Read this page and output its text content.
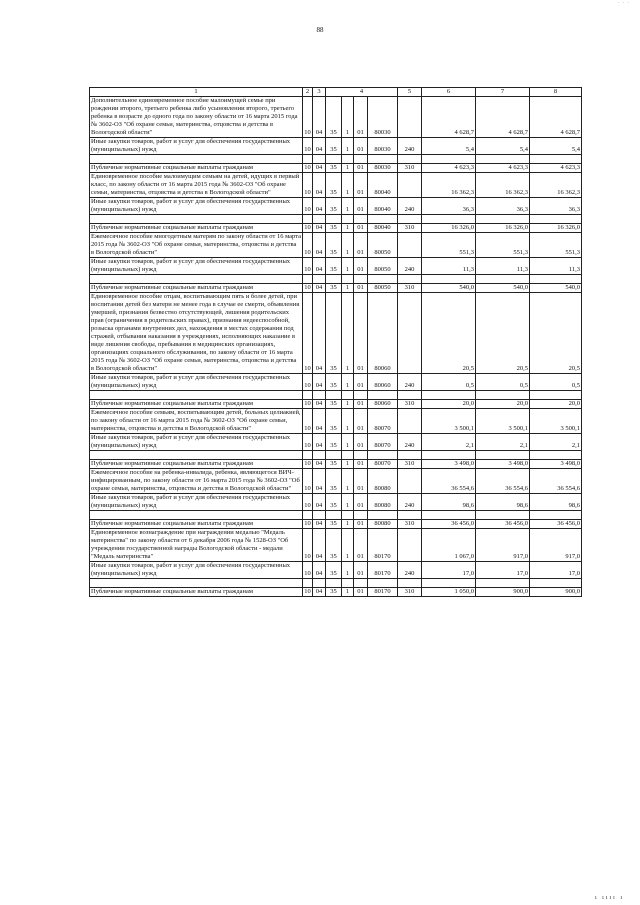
· · ·
88
1	2	3	4				5	6	7	8
Дополнительное единовременное пособие малоимущей семье при рождении второго, третьего ребенка либо усыновлении второго, третьего ребенка в возрасте до одного года по закону области от 16 марта 2015 года № 3602-ОЗ "Об охране семьи, материнства, отцовства и детства в Вологодской области"	10	04	35	1	01	80030		4 628,7	4 628,7	4 628,7
Иные закупки товаров, работ и услуг для обеспечения государственных (муниципальных) нужд	10	04	35	1	01	80030	240	5,4	5,4	5,4

Публичные нормативные социальные выплаты гражданам	10	04	35	1	01	80030	310	4 623,3	4 623,3	4 623,3
Единовременное пособие малоимущим семьям на детей, идущих в первый класс, по закону области от 16 марта 2015 года № 3602-ОЗ "Об охране семьи, материнства, отцовства и детства в Вологодской области"	10	04	35	1	01	80040		16 362,3	16 362,3	16 362,3
Иные закупки товаров, работ и услуг для обеспечения государственных (муниципальных) нужд	10	04	35	1	01	80040	240	36,3	36,3	36,3

Публичные нормативные социальные выплаты гражданам	10	04	35	1	01	80040	310	16 326,0	16 326,0	16 326,0
Ежемесячное пособие многодетным матерям по закону области от 16 марта 2015 года № 3602-ОЗ "Об охране семьи, материнства, отцовства и детства в Вологодской области"	10	04	35	1	01	80050		551,3	551,3	551,3
Иные закупки товаров, работ и услуг для обеспечения государственных (муниципальных) нужд	10	04	35	1	01	80050	240	11,3	11,3	11,3

Публичные нормативные социальные выплаты гражданам	10	04	35	1	01	80050	310	540,0	540,0	540,0
Единовременное пособие отцам, воспитывающим пять и более детей, при воспитании детей без матери не менее года в случае ее смерти, объявления умершей, признания безвестно отсутствующей, лишения родительских прав (ограничения в родительских правах), признания недееспособной, розыска органами внутренних дел, нахождения в местах содержания под стражей, отбывания наказания в учреждениях, исполняющих наказание в виде лишения свободы, пребывания в медицинских организациях, организациях социального обслуживания, по закону области от 16 марта 2015 года № 3602-ОЗ "Об охране семьи, материнства, отцовства и детства в Вологодской области"	10	04	35	1	01	80060		20,5	20,5	20,5
Иные закупки товаров, работ и услуг для обеспечения государственных (муниципальных) нужд	10	04	35	1	01	80060	240	0,5	0,5	0,5

Публичные нормативные социальные выплаты гражданам	10	04	35	1	01	80060	310	20,0	20,0	20,0
Ежемесячное пособие семьям, воспитывающим детей, больных целиакией, по закону области от 16 марта 2015 года № 3602-ОЗ "Об охране семьи, материнства, отцовства и детства в Вологодской области"	10	04	35	1	01	80070		3 500,1	3 500,1	3 500,1
Иные закупки товаров, работ и услуг для обеспечения государственных (муниципальных) нужд	10	04	35	1	01	80070	240	2,1	2,1	2,1

Публичные нормативные социальные выплаты гражданам	10	04	35	1	01	80070	310	3 498,0	3 498,0	3 498,0
Ежемесячное пособие на ребенка-инвалида, ребенка, являющегося ВИЧ-инфицированным, по закону области от 16 марта 2015 года № 3602-ОЗ "Об охране семьи, материнства, отцовства и детства в Вологодской области"	10	04	35	1	01	80080		36 554,6	36 554,6	36 554,6
Иные закупки товаров, работ и услуг для обеспечения государственных (муниципальных) нужд	10	04	35	1	01	80080	240	98,6	98,6	98,6

Публичные нормативные социальные выплаты гражданам	10	04	35	1	01	80080	310	36 456,0	36 456,0	36 456,0
Единовременное вознаграждение при награждении медалью "Медаль материнства" по закону области от 6 декабря 2006 года № 1528-ОЗ "Об учреждении государственной награды Вологодской области - медали "Медаль материнства"	10	04	35	1	01	80170		1 067,0	917,0	917,0
Иные закупки товаров, работ и услуг для обеспечения государственных (муниципальных) нужд	10	04	35	1	01	80170	240	17,0	17,0	17,0

Публичные нормативные социальные выплаты гражданам	10	04	35	1	01	80170	310	1 050,0	900,0	900,0
ı ıııı ı
